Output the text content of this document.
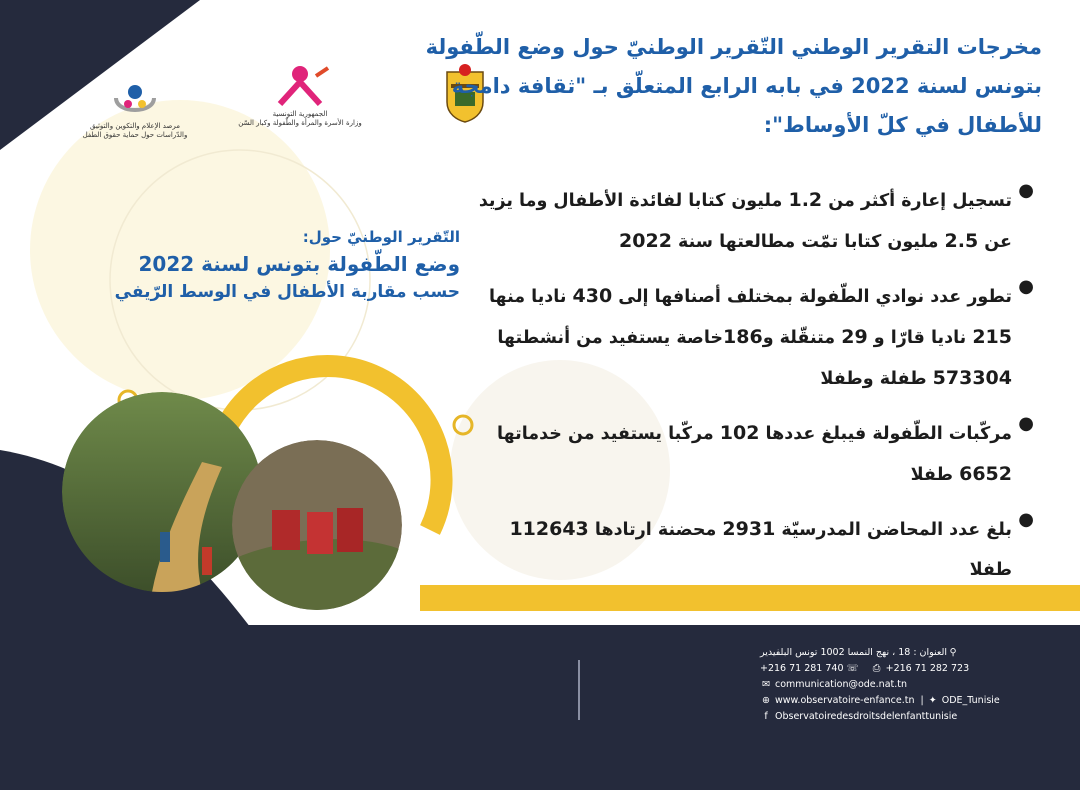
الجمهورية التونسية
وزارة الأسرة والمرأة والطّفولة وكبار السّن
مرصد الإعلام والتكوين والتوثيق
والدّراسات حول حماية حقوق الطفل
مخرجات التقرير الوطني التّقرير الوطنيّ حول وضع الطّفولة
بتونس لسنة 2022 في بابه الرابع المتعلّق بـ "ثقافة دامجة
للأطفال في كلّ الأوساط":
التّقرير الوطنيّ حول:
وضع الطّفولة بتونس لسنة 2022
حسب مقاربة الأطفال في الوسط الرّيفي
●
تسجيل إعارة أكثر من 1.2 مليون كتابا لفائدة الأطفال وما يزيد
عن 2.5 مليون كتابا تمّت مطالعتها سنة 2022
●
تطور عدد نوادي الطّفولة بمختلف أصنافها إلى 430 ناديا منها
215 ناديا قارّا و 29 متنقّلة و186خاصة يستفيد من أنشطتها
573304 طفلة وطفلا
●
مركّبات الطّفولة فيبلغ عددها 102 مركّبا يستفيد من خدماتها
6652 طفلا
●
بلغ عدد المحاضن المدرسيّة 2931 محضنة ارتادها 112643
طفلا
⚲العنوان : 18 ، نهج النمسا 1002 تونس البلفيدير
+216 71 281 740 ☏ ⎙ +216 71 282 723
✉ communication@ode.nat.tn
⊕ www.observatoire-enfance.tn  | ✦ ODE_Tunisie
f Observatoiredesdroitsdelenfanttunisie
